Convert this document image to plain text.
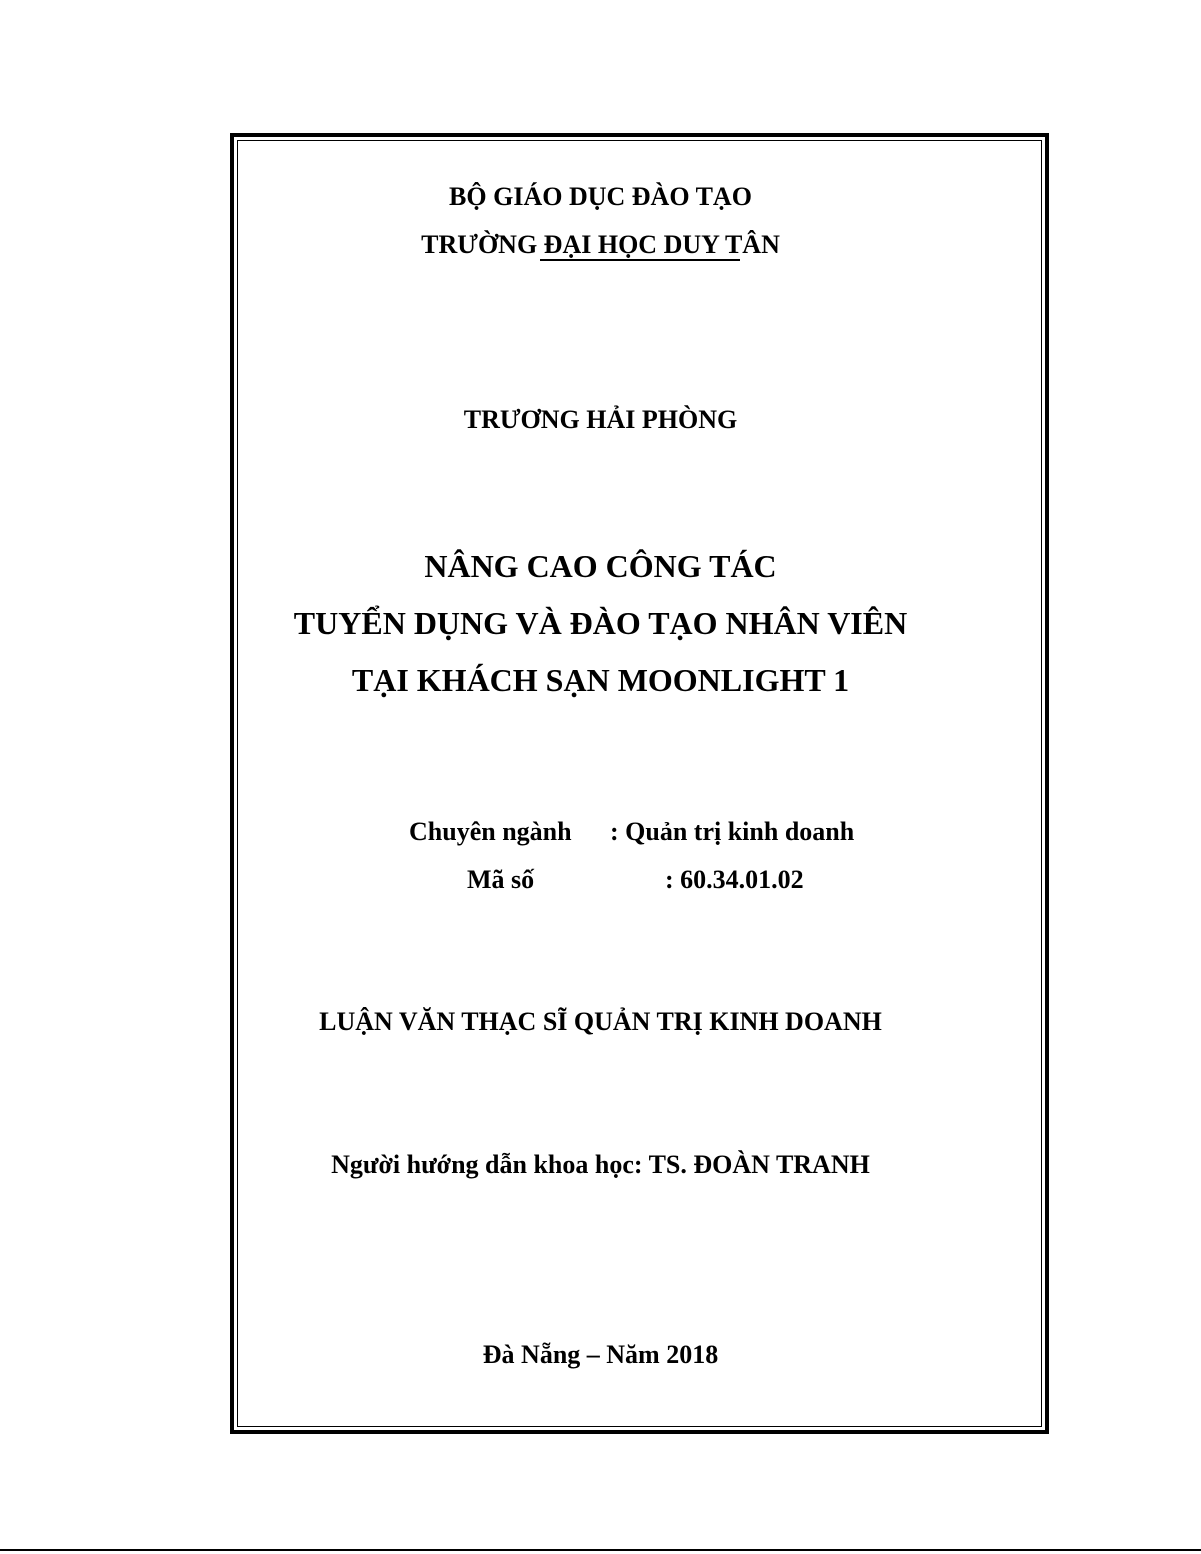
BỘ GIÁO DỤC ĐÀO TẠO
TRƯỜNG ĐẠI HỌC DUY TÂN
TRƯƠNG HẢI PHÒNG
NÂNG CAO CÔNG TÁC
TUYỂN DỤNG VÀ ĐÀO TẠO NHÂN VIÊN
TẠI KHÁCH SẠN MOONLIGHT 1
Chuyên ngành : Quản trị kinh doanh
Mã số	: 60.34.01.02
LUẬN VĂN THẠC SĨ QUẢN TRỊ KINH DOANH
Người hướng dẫn khoa học: TS. ĐOÀN TRANH
Đà Nẵng – Năm 2018
